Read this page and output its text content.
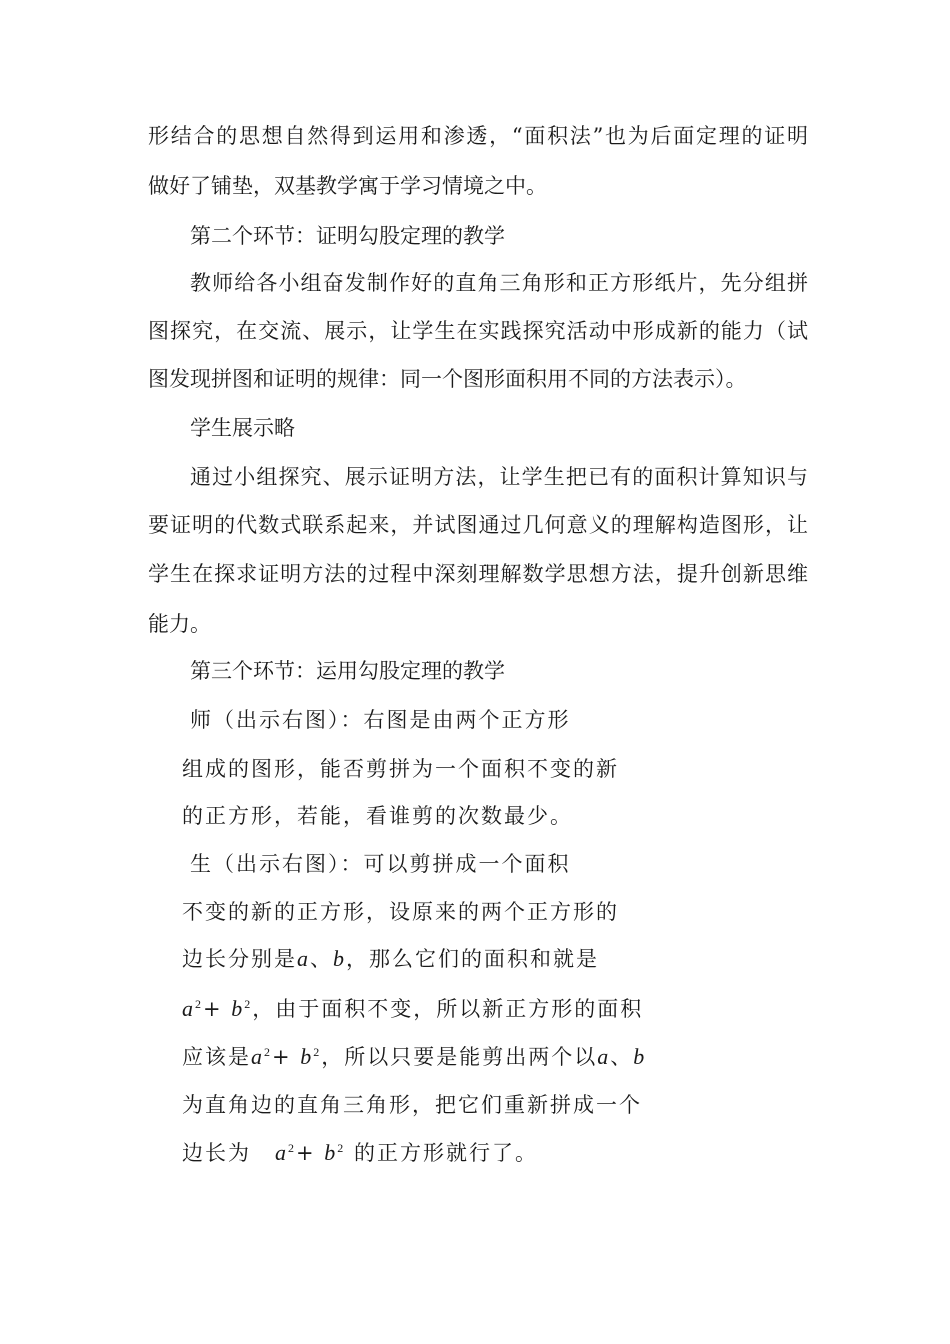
形结合的思想自然得到运用和渗透，“面积法”也为后面定理的证明
做好了铺垫，双基教学寓于学习情境之中。
第二个环节：证明勾股定理的教学
教师给各小组奋发制作好的直角三角形和正方形纸片，先分组拼
图探究，在交流、展示，让学生在实践探究活动中形成新的能力（试
图发现拼图和证明的规律：同一个图形面积用不同的方法表示）。
学生展示略
通过小组探究、展示证明方法，让学生把已有的面积计算知识与
要证明的代数式联系起来，并试图通过几何意义的理解构造图形，让
学生在探求证明方法的过程中深刻理解数学思想方法，提升创新思维
能力。
第三个环节：运用勾股定理的教学
师（出示右图）：右图是由两个正方形
组成的图形，能否剪拼为一个面积不变的新
的正方形，若能，看谁剪的次数最少。
生（出示右图）：可以剪拼成一个面积
不变的新的正方形，设原来的两个正方形的
边长分别是a、b，那么它们的面积和就是
$a^2+ b^2$，由于面积不变，所以新正方形的面积
应该是$a^2+ b^2$，所以只要是能剪出两个以a、b
为直角边的直角三角形，把它们重新拼成一个
边长为 $a^2+ b^2$ 的正方形就行了。
